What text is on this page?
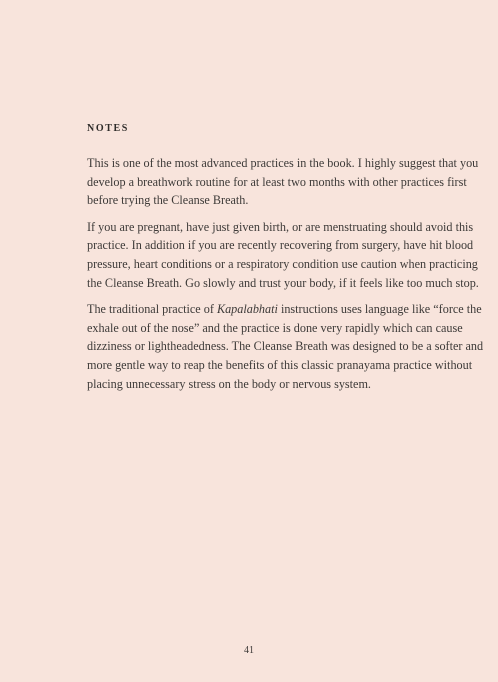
NOTES

This is one of the most advanced practices in the book. I highly suggest that you develop a breathwork routine for at least two months with other practices first before trying the Cleanse Breath.

If you are pregnant, have just given birth, or are menstruating should avoid this practice. In addition if you are recently recovering from surgery, have hit blood pressure, heart conditions or a respiratory condition use caution when practicing the Cleanse Breath. Go slowly and trust your body, if it feels like too much stop.

The traditional practice of Kapalabhati instructions uses language like “force the exhale out of the nose” and the practice is done very rapidly which can cause dizziness or lightheadedness. The Cleanse Breath was designed to be a softer and more gentle way to reap the benefits of this classic pranayama practice without placing unnecessary stress on the body or nervous system.

41
